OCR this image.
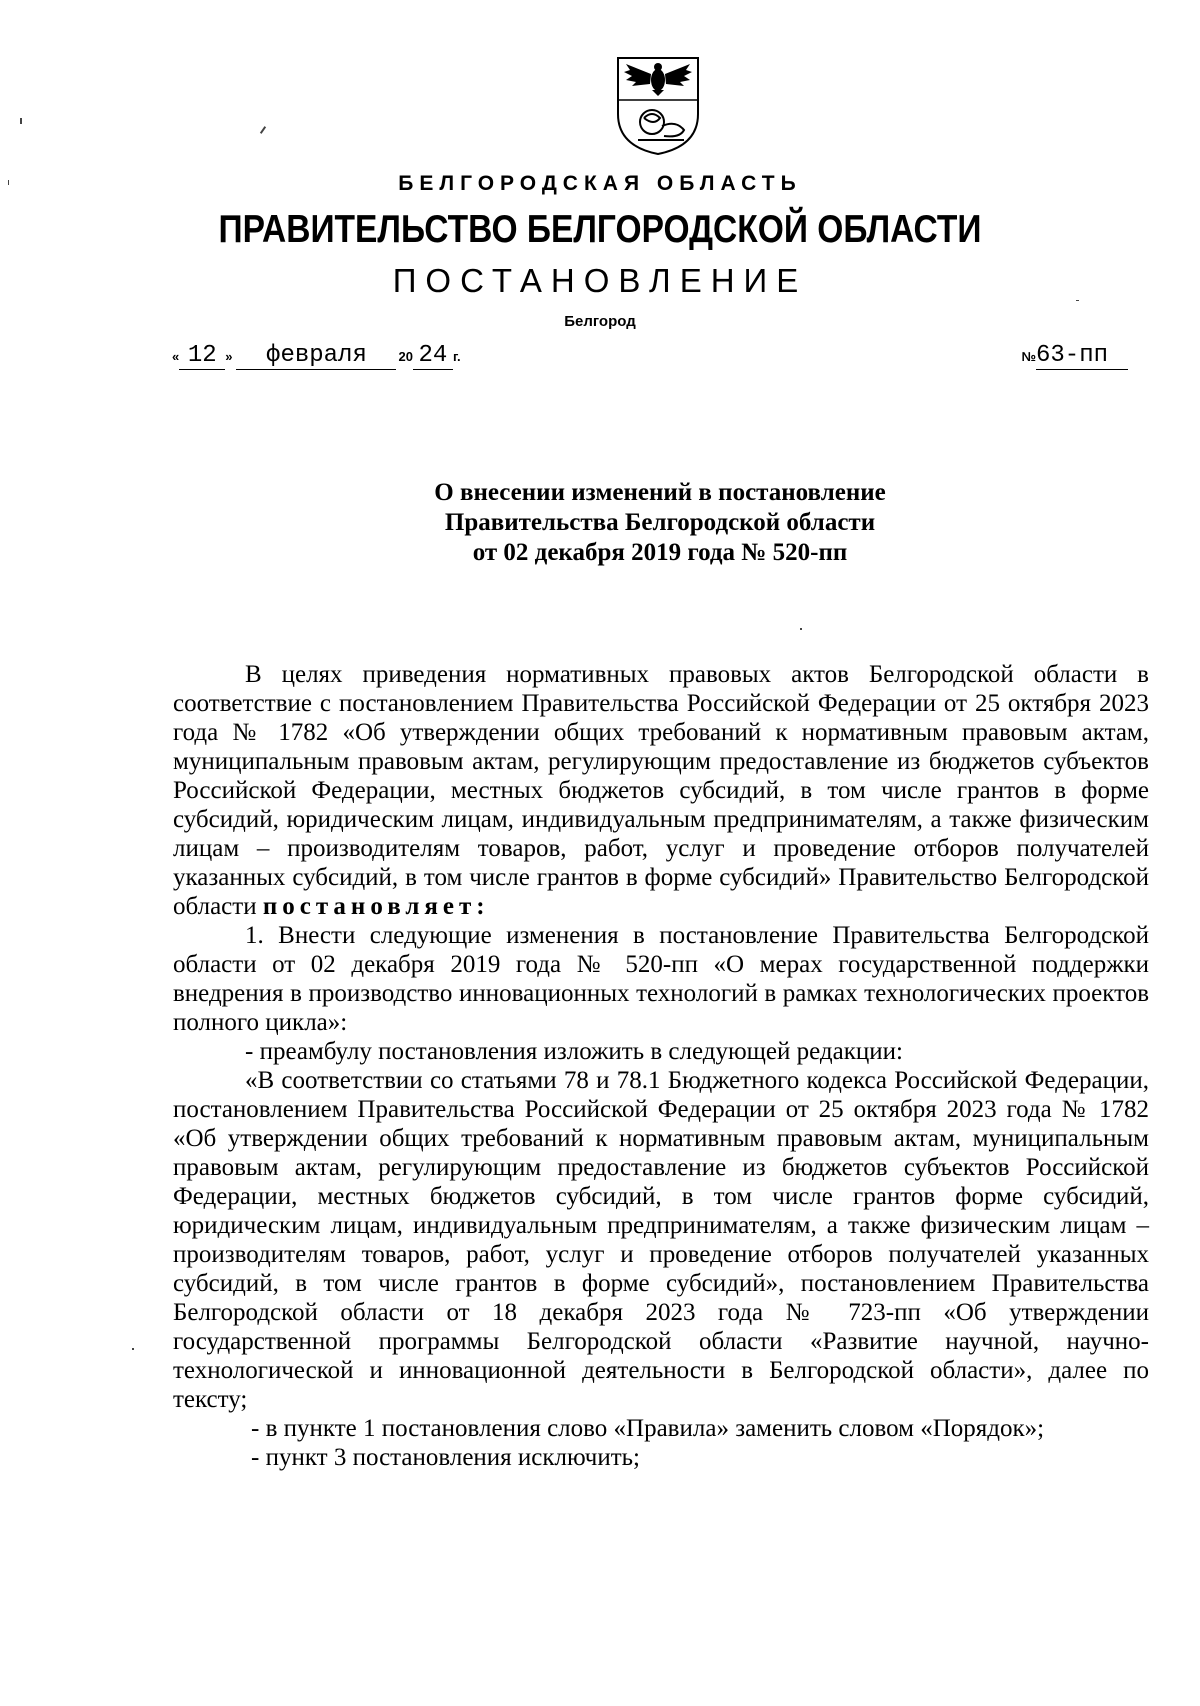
БЕЛГОРОДСКАЯ ОБЛАСТЬ
ПРАВИТЕЛЬСТВО БЕЛГОРОДСКОЙ ОБЛАСТИ
ПОСТАНОВЛЕНИЕ
Белгород
« 12 » февраля 20 24 г.	№63-пп
О внесении изменений в постановление
Правительства Белгородской области
от 02 декабря 2019 года № 520-пп

В целях приведения нормативных правовых актов Белгородской области в соответствие с постановлением Правительства Российской Федерации от 25 октября 2023 года № 1782 «Об утверждении общих требований к нормативным правовым актам, муниципальным правовым актам, регулирующим предоставление из бюджетов субъектов Российской Федерации, местных бюджетов субсидий, в том числе грантов в форме субсидий, юридическим лицам, индивидуальным предпринимателям, а также физическим лицам – производителям товаров, работ, услуг и проведение отборов получателей указанных субсидий, в том числе грантов в форме субсидий» Правительство Белгородской области постановляет:

1. Внести следующие изменения в постановление Правительства Белгородской области от 02 декабря 2019 года № 520-пп «О мерах государственной поддержки внедрения в производство инновационных технологий в рамках технологических проектов полного цикла»:

- преамбулу постановления изложить в следующей редакции:

«В соответствии со статьями 78 и 78.1 Бюджетного кодекса Российской Федерации, постановлением Правительства Российской Федерации от 25 октября 2023 года № 1782 «Об утверждении общих требований к нормативным правовым актам, муниципальным правовым актам, регулирующим предоставление из бюджетов субъектов Российской Федерации, местных бюджетов субсидий, в том числе грантов форме субсидий, юридическим лицам, индивидуальным предпринимателям, а также физическим лицам – производителям товаров, работ, услуг и проведение отборов получателей указанных субсидий, в том числе грантов в форме субсидий», постановлением Правительства Белгородской области от 18 декабря 2023 года № 723-пп «Об утверждении государственной программы Белгородской области «Развитие научной, научно-технологической и инновационной деятельности в Белгородской области», далее по тексту;

- в пункте 1 постановления слово «Правила» заменить словом «Порядок»;

- пункт 3 постановления исключить;
